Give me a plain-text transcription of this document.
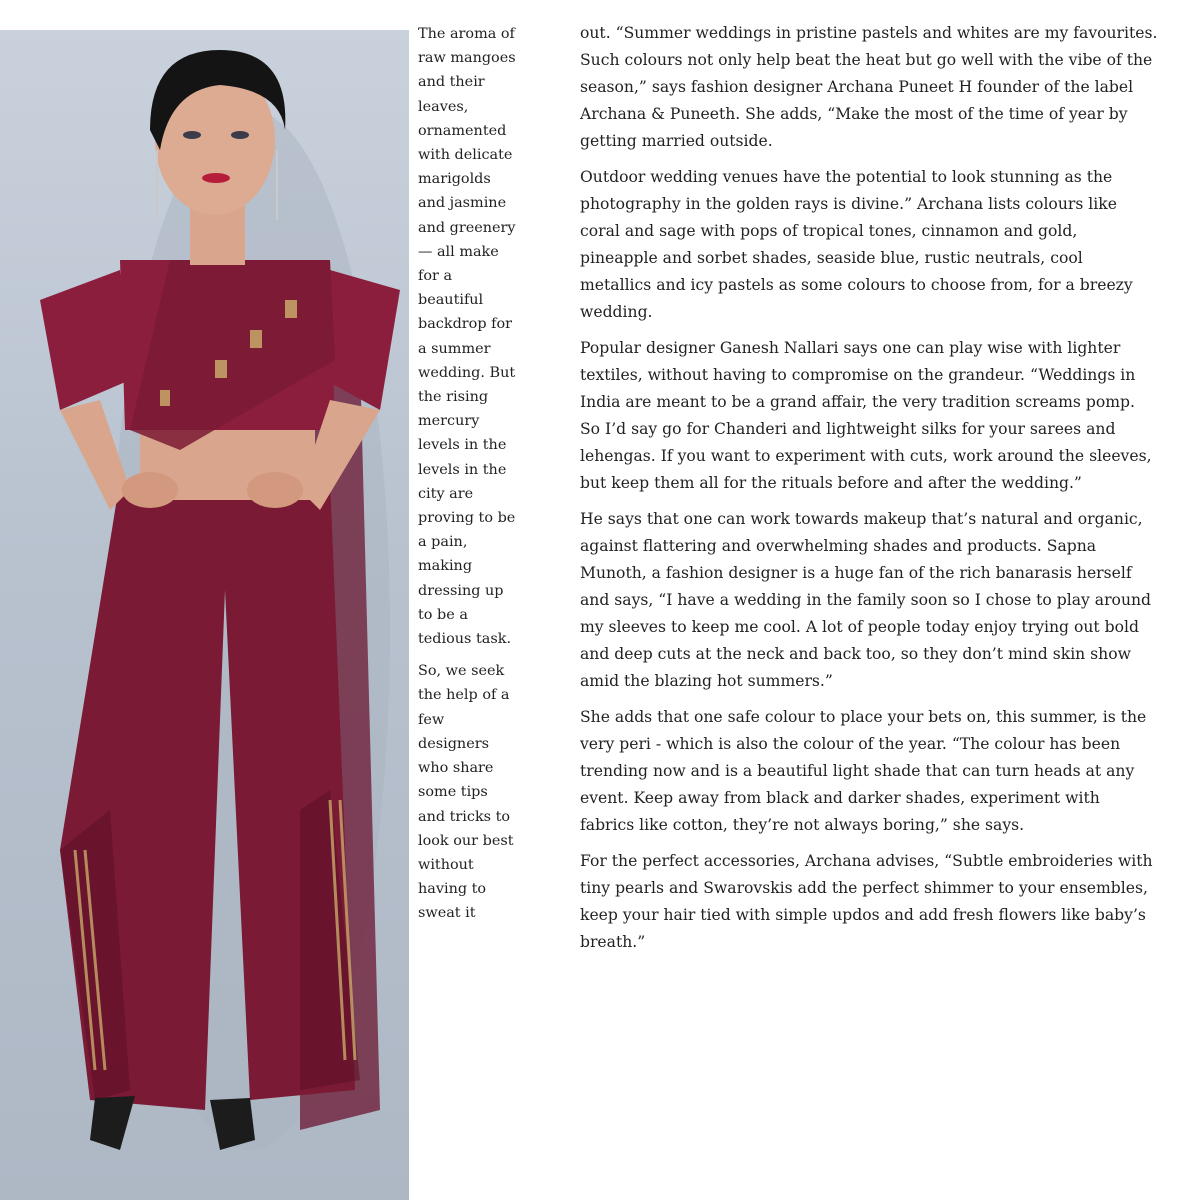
The aroma of raw mangoes and their leaves, ornamented with delicate marigolds and jasmine and greenery — all make for a beautiful backdrop for a summer wedding. But the rising mercury levels in the levels in the city are proving to be a pain, making dressing up to be a tedious task.

So, we seek the help of a few designers who share some tips and tricks to look our best without having to sweat it

out. “Summer weddings in pristine pastels and whites are my favourites. Such colours not only help beat the heat but go well with the vibe of the season,” says fashion designer Archana Puneet H founder of the label Archana & Puneeth. She adds, “Make the most of the time of year by getting married outside.

Outdoor wedding venues have the potential to look stunning as the photography in the golden rays is divine.” Archana lists colours like coral and sage with pops of tropical tones, cinnamon and gold, pineapple and sorbet shades, seaside blue, rustic neutrals, cool metallics and icy pastels as some colours to choose from, for a breezy wedding.

Popular designer Ganesh Nallari says one can play wise with lighter textiles, without having to compromise on the grandeur. “Weddings in India are meant to be a grand affair, the very tradition screams pomp. So I’d say go for Chanderi and lightweight silks for your sarees and lehengas. If you want to experiment with cuts, work around the sleeves, but keep them all for the rituals before and after the wedding.”

He says that one can work towards makeup that’s natural and organic, against flattering and overwhelming shades and products. Sapna Munoth, a fashion designer is a huge fan of the rich banarasis herself and says, “I have a wedding in the family soon so I chose to play around my sleeves to keep me cool. A lot of people today enjoy trying out bold and deep cuts at the neck and back too, so they don’t mind skin show amid the blazing hot summers.”

She adds that one safe colour to place your bets on, this summer, is the very peri - which is also the colour of the year. “The colour has been trending now and is a beautiful light shade that can turn heads at any event. Keep away from black and darker shades, experiment with fabrics like cotton, they’re not always boring,” she says.

For the perfect accessories, Archana advises, “Subtle embroideries with tiny pearls and Swarovskis add the perfect shimmer to your ensembles, keep your hair tied with simple updos and add fresh flowers like baby’s breath.”
